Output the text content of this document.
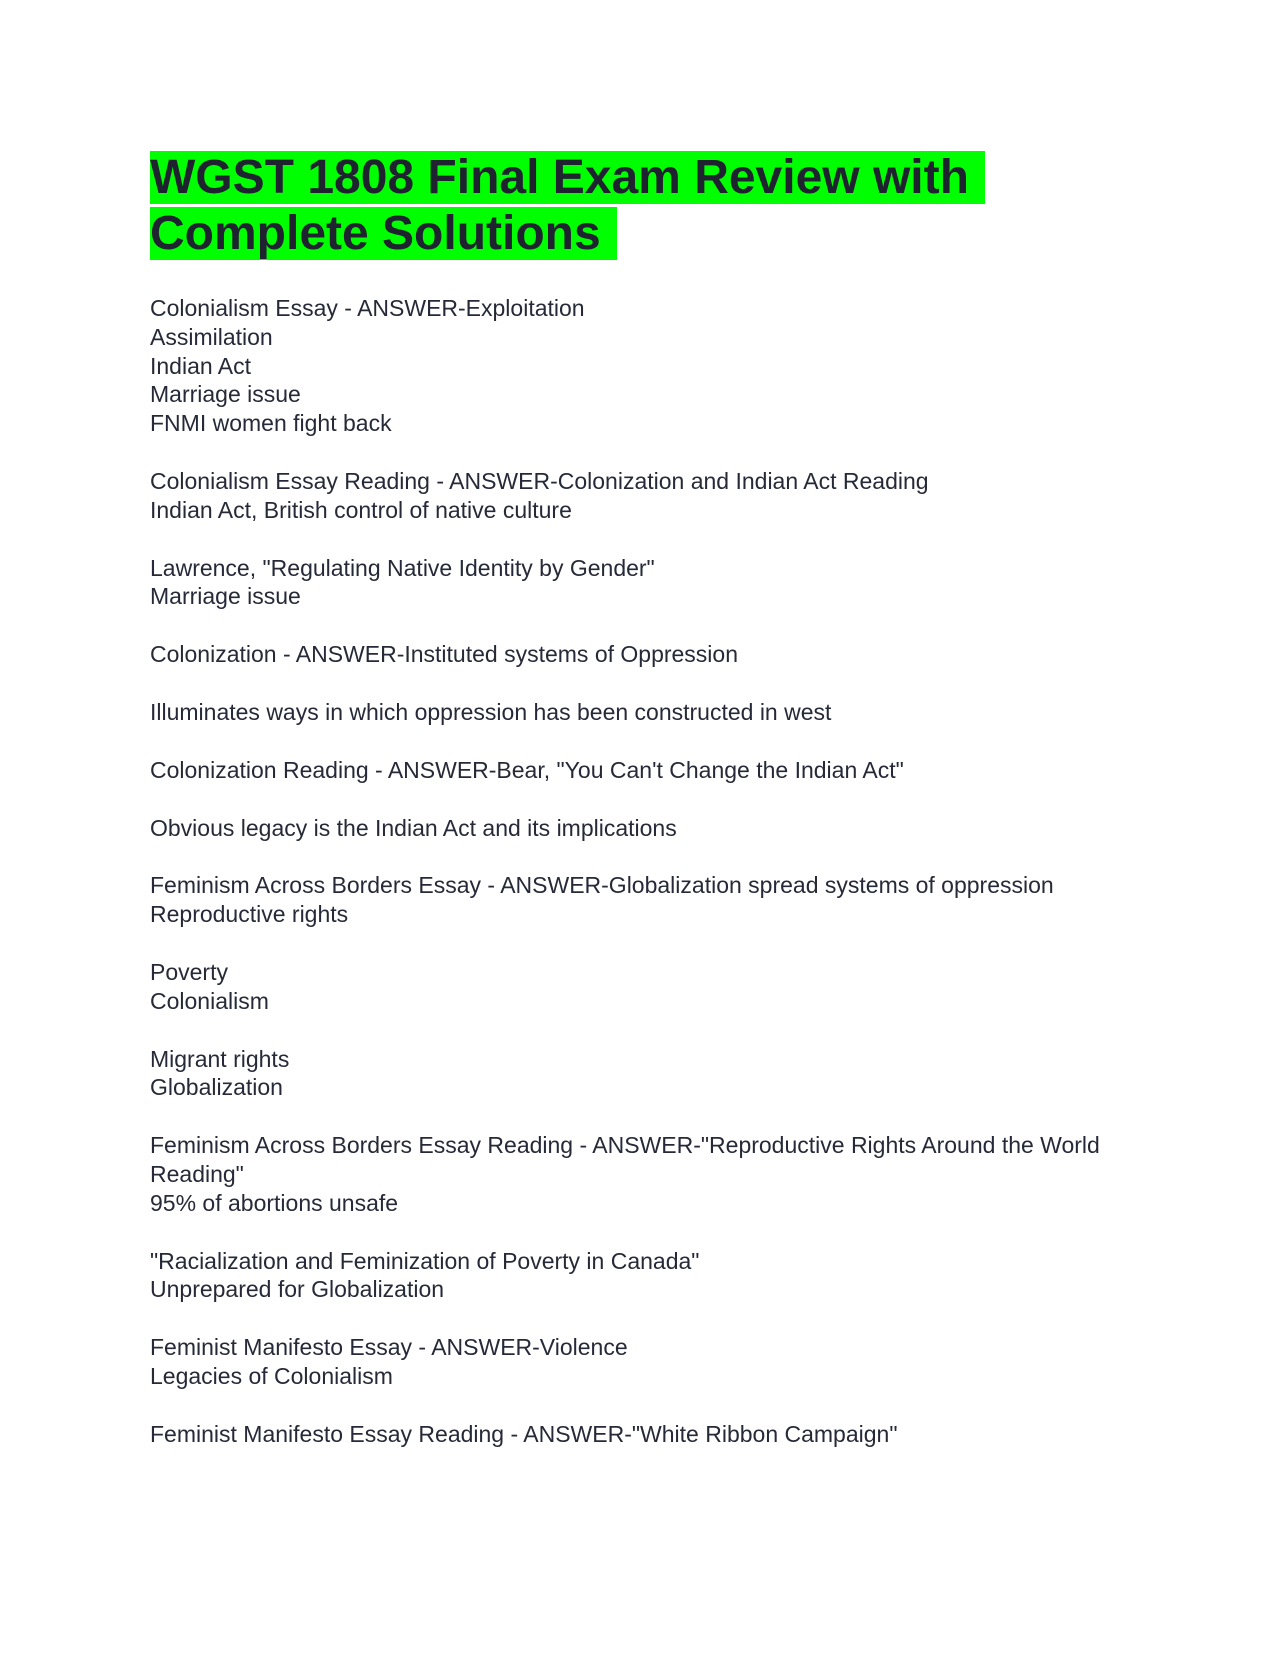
WGST 1808 Final Exam Review with Complete Solutions
Colonialism Essay - ANSWER-Exploitation
Assimilation
Indian Act
Marriage issue
FNMI women fight back
Colonialism Essay Reading - ANSWER-Colonization and Indian Act Reading
Indian Act, British control of native culture
Lawrence, "Regulating Native Identity by Gender"
Marriage issue
Colonization - ANSWER-Instituted systems of Oppression
Illuminates ways in which oppression has been constructed in west
Colonization Reading - ANSWER-Bear, "You Can't Change the Indian Act"
Obvious legacy is the Indian Act and its implications
Feminism Across Borders Essay - ANSWER-Globalization spread systems of oppression
Reproductive rights
Poverty
Colonialism
Migrant rights
Globalization
Feminism Across Borders Essay Reading - ANSWER-"Reproductive Rights Around the World Reading"
95% of abortions unsafe
"Racialization and Feminization of Poverty in Canada"
Unprepared for Globalization
Feminist Manifesto Essay - ANSWER-Violence
Legacies of Colonialism
Feminist Manifesto Essay Reading - ANSWER-"White Ribbon Campaign"
